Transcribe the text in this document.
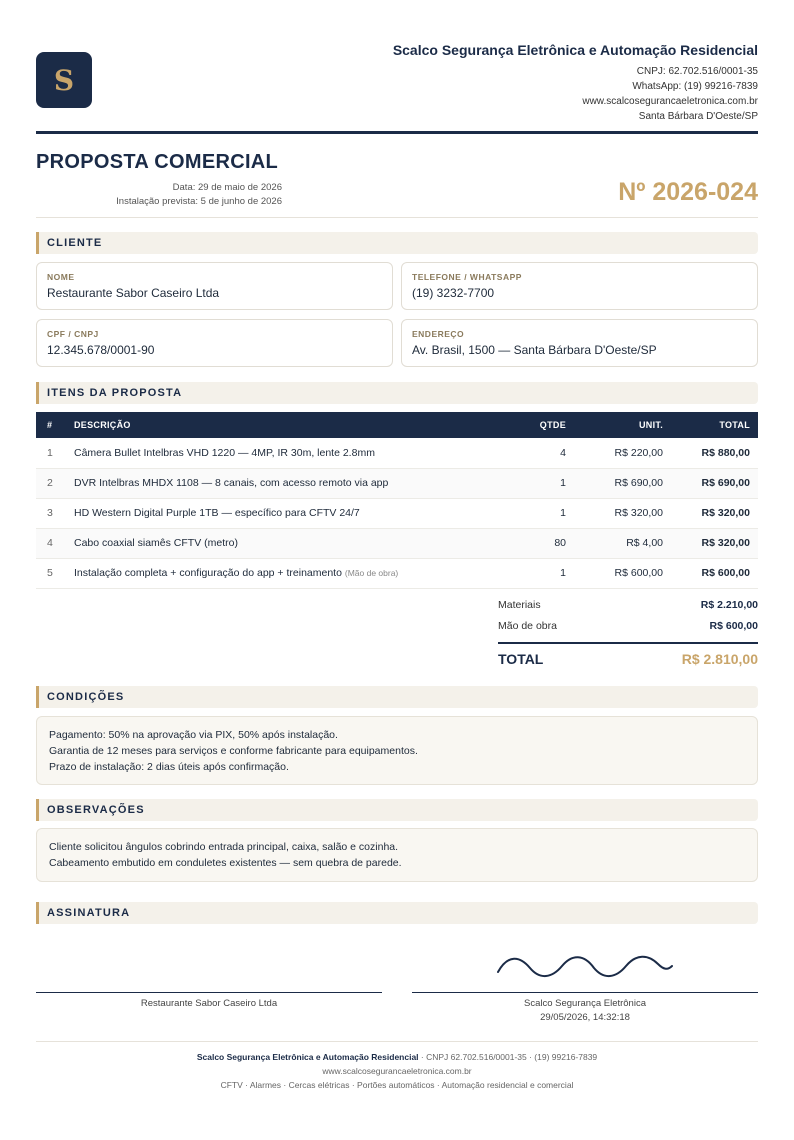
S
Scalco Segurança Eletrônica e Automação Residencial
CNPJ: 62.702.516/0001-35
WhatsApp: (19) 99216-7839
www.scalcosegurancaeletronica.com.br
Santa Bárbara D'Oeste/SP
PROPOSTA COMERCIAL
Data: 29 de maio de 2026
Instalação prevista: 5 de junho de 2026	Nº 2026-024
CLIENTE
NOME
Restaurante Sabor Caseiro Ltda
TELEFONE / WHATSAPP
(19) 3232-7700
CPF / CNPJ
12.345.678/0001-90
ENDEREÇO
Av. Brasil, 1500 — Santa Bárbara D'Oeste/SP
ITENS DA PROPOSTA
#	DESCRIÇÃO	QTDE	UNIT.	TOTAL
1	Câmera Bullet Intelbras VHD 1220 — 4MP, IR 30m, lente 2.8mm	4	R$ 220,00	R$ 880,00
2	DVR Intelbras MHDX 1108 — 8 canais, com acesso remoto via app	1	R$ 690,00	R$ 690,00
3	HD Western Digital Purple 1TB — específico para CFTV 24/7	1	R$ 320,00	R$ 320,00
4	Cabo coaxial siamês CFTV (metro)	80	R$ 4,00	R$ 320,00
5	Instalação completa + configuração do app + treinamento (Mão de obra)	1	R$ 600,00	R$ 600,00
Materiais	R$ 2.210,00
Mão de obra	R$ 600,00
TOTAL	R$ 2.810,00
CONDIÇÕES
Pagamento: 50% na aprovação via PIX, 50% após instalação.
Garantia de 12 meses para serviços e conforme fabricante para equipamentos.
Prazo de instalação: 2 dias úteis após confirmação.
OBSERVAÇÕES
Cliente solicitou ângulos cobrindo entrada principal, caixa, salão e cozinha.
Cabeamento embutido em conduletes existentes — sem quebra de parede.
ASSINATURA
Restaurante Sabor Caseiro Ltda	Scalco Segurança Eletrônica
29/05/2026, 14:32:18
Scalco Segurança Eletrônica e Automação Residencial · CNPJ 62.702.516/0001-35 · (19) 99216-7839
www.scalcosegurancaeletronica.com.br
CFTV · Alarmes · Cercas elétricas · Portões automáticos · Automação residencial e comercial
